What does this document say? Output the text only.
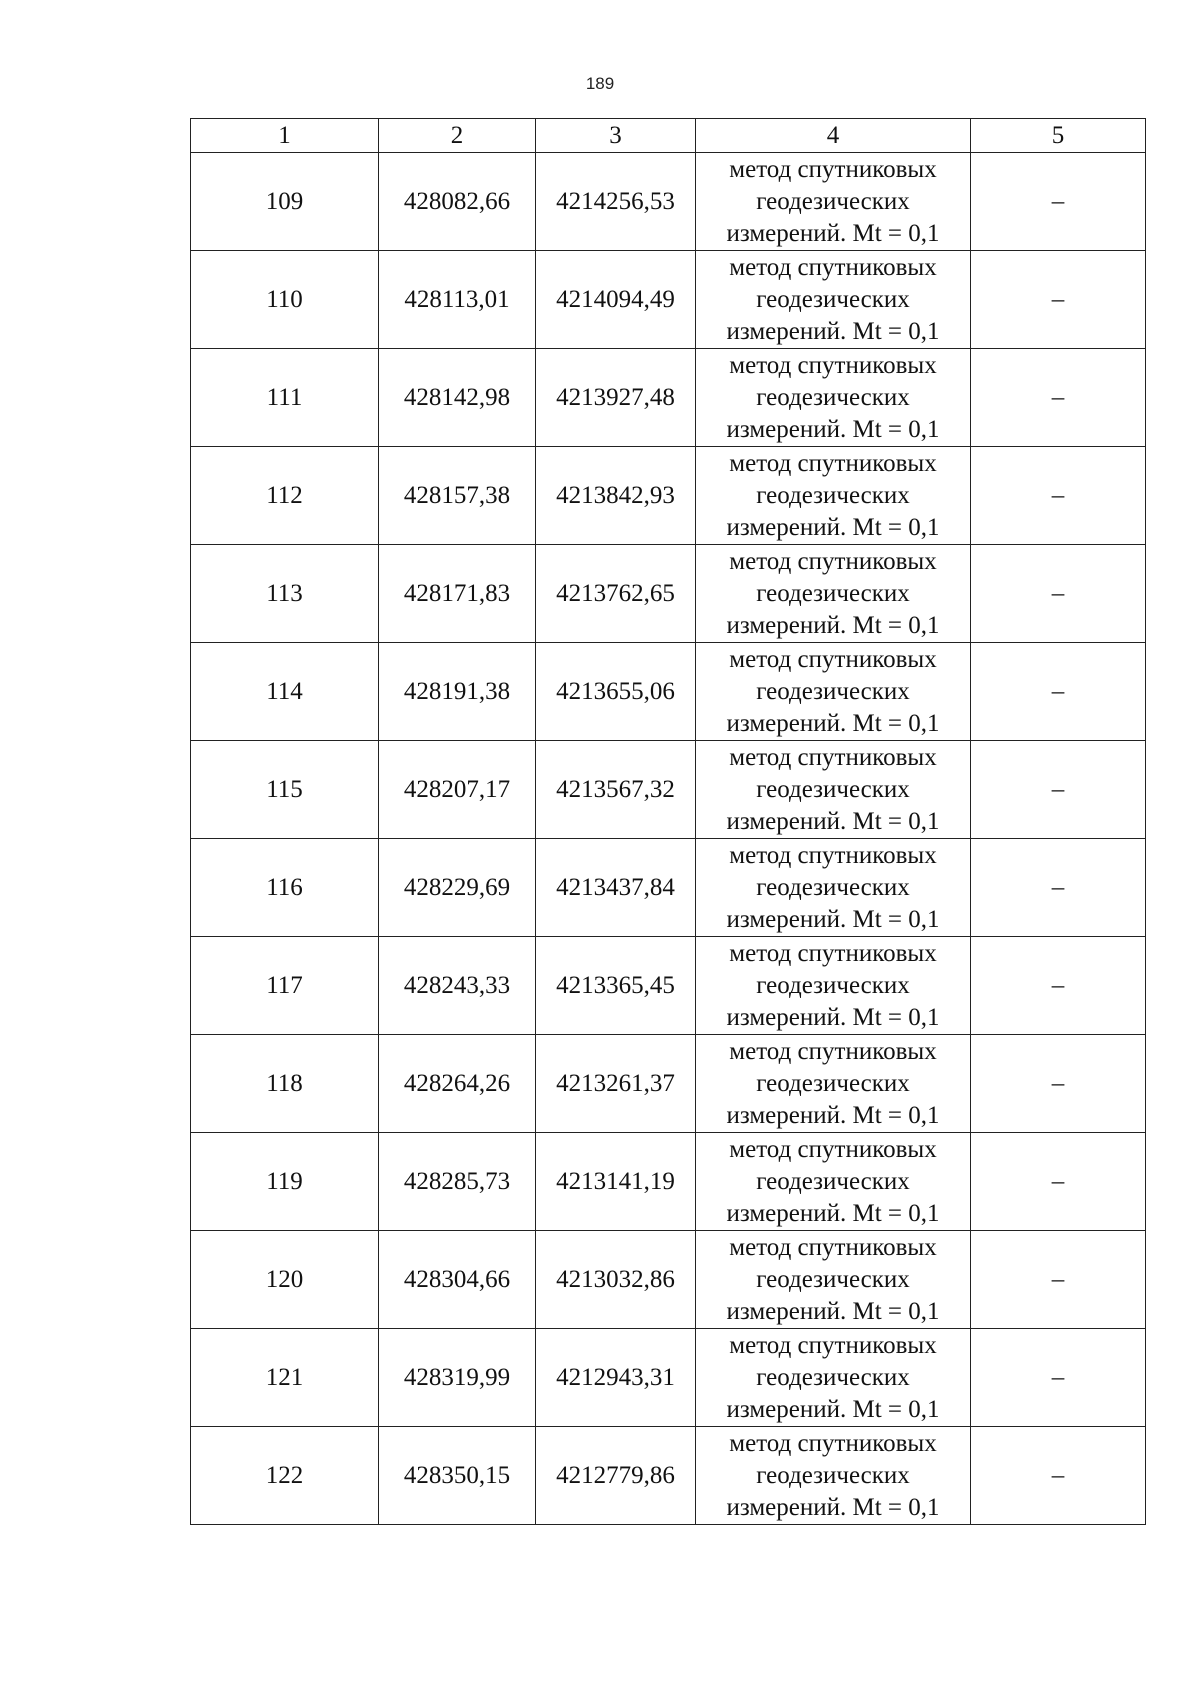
189
1	2	3	4	5
109	428082,66	4214256,53	метод спутниковых
геодезических
измерений. Mt = 0,1	–
110	428113,01	4214094,49	метод спутниковых
геодезических
измерений. Mt = 0,1	–
111	428142,98	4213927,48	метод спутниковых
геодезических
измерений. Mt = 0,1	–
112	428157,38	4213842,93	метод спутниковых
геодезических
измерений. Mt = 0,1	–
113	428171,83	4213762,65	метод спутниковых
геодезических
измерений. Mt = 0,1	–
114	428191,38	4213655,06	метод спутниковых
геодезических
измерений. Mt = 0,1	–
115	428207,17	4213567,32	метод спутниковых
геодезических
измерений. Mt = 0,1	–
116	428229,69	4213437,84	метод спутниковых
геодезических
измерений. Mt = 0,1	–
117	428243,33	4213365,45	метод спутниковых
геодезических
измерений. Mt = 0,1	–
118	428264,26	4213261,37	метод спутниковых
геодезических
измерений. Mt = 0,1	–
119	428285,73	4213141,19	метод спутниковых
геодезических
измерений. Mt = 0,1	–
120	428304,66	4213032,86	метод спутниковых
геодезических
измерений. Mt = 0,1	–
121	428319,99	4212943,31	метод спутниковых
геодезических
измерений. Mt = 0,1	–
122	428350,15	4212779,86	метод спутниковых
геодезических
измерений. Mt = 0,1	–
